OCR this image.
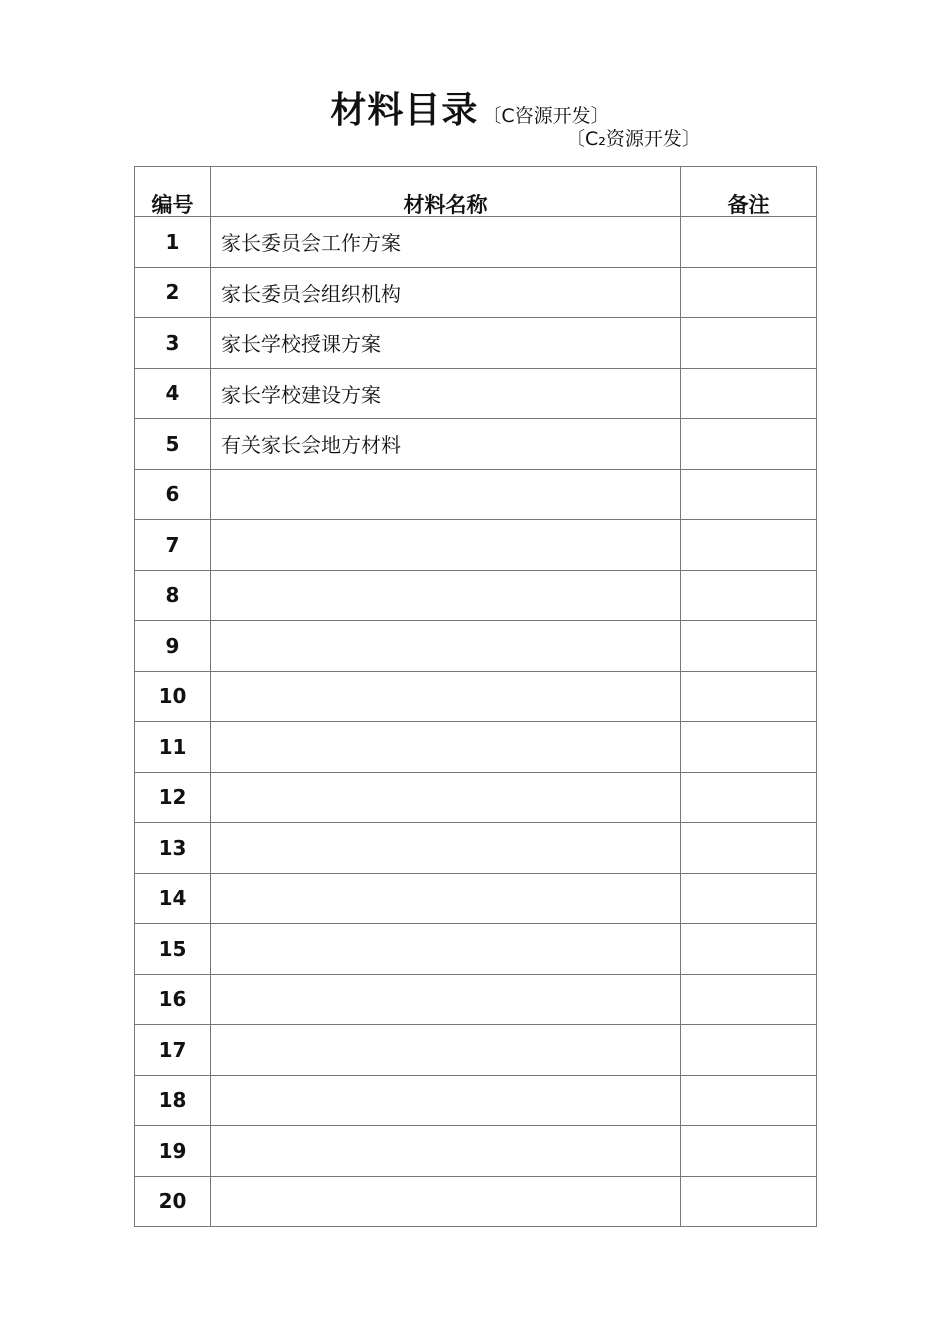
材料目录 〔C咨源开发〕
〔C₂资源开发〕
编号	材料名称	备注
1	家长委员会工作方案	
2	家长委员会组织机构	
3	家长学校授课方案	
4	家长学校建设方案	
5	有关家长会地方材料	
6		
7		
8		
9		
10		
11		
12		
13		
14		
15		
16		
17		
18		
19		
20		
